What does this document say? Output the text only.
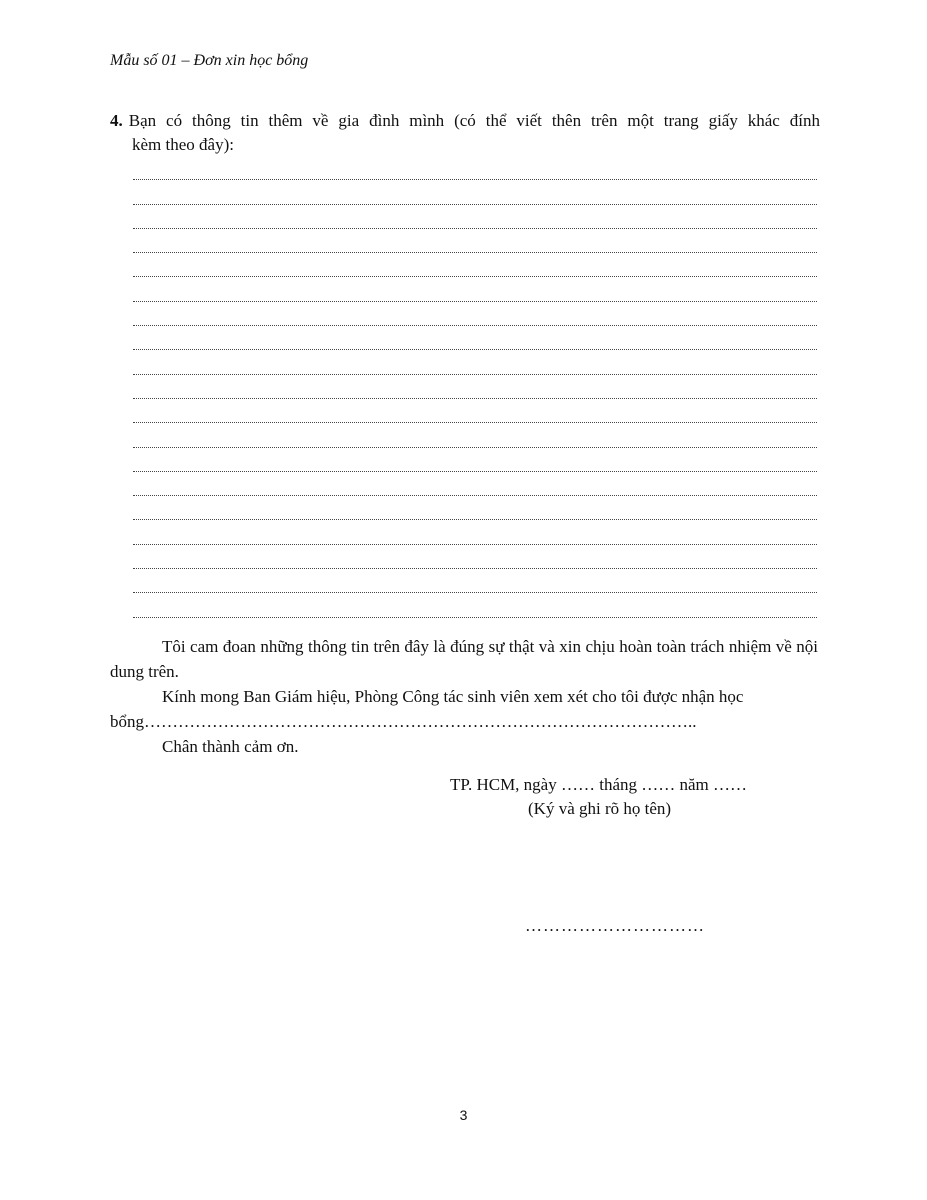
Mẫu số 01 – Đơn xin học bổng
4. Bạn có thông tin thêm về gia đình mình (có thể viết thên trên một trang giấy khác đính
kèm theo đây):

Tôi cam đoan những thông tin trên đây là đúng sự thật và xin chịu hoàn toàn trách nhiệm về nội dung trên.

Kính mong Ban Giám hiệu, Phòng Công tác sinh viên xem xét cho tôi được nhận học bổng……………………………………………………………………………………..

Chân thành cảm ơn.

TP. HCM, ngày …… tháng …… năm ……
(Ký và ghi rõ họ tên)
…………………………
3
